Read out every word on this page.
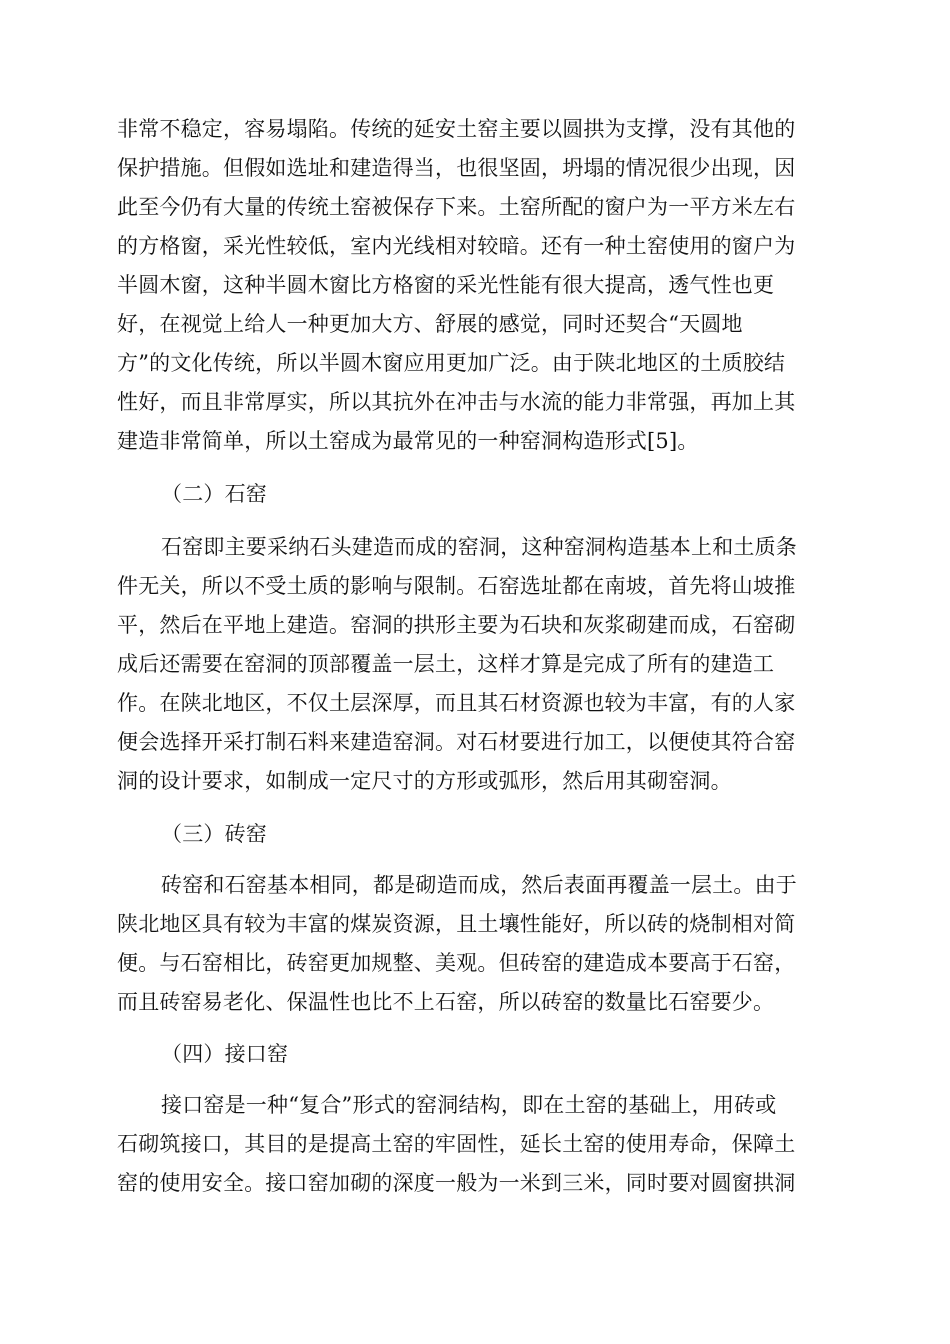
非常不稳定，容易塌陷。传统的延安土窑主要以圆拱为支撑，没有其他的
保护措施。但假如选址和建造得当，也很坚固，坍塌的情况很少出现，因
此至今仍有大量的传统土窑被保存下来。土窑所配的窗户为一平方米左右
的方格窗，采光性较低，室内光线相对较暗。还有一种土窑使用的窗户为
半圆木窗，这种半圆木窗比方格窗的采光性能有很大提高，透气性也更
好，在视觉上给人一种更加大方、舒展的感觉，同时还契合“天圆地
方”的文化传统，所以半圆木窗应用更加广泛。由于陕北地区的土质胶结
性好，而且非常厚实，所以其抗外在冲击与水流的能力非常强，再加上其
建造非常简单，所以土窑成为最常见的一种窑洞构造形式[5]。
（二）石窑
石窑即主要采纳石头建造而成的窑洞，这种窑洞构造基本上和土质条
件无关，所以不受土质的影响与限制。石窑选址都在南坡，首先将山坡推
平，然后在平地上建造。窑洞的拱形主要为石块和灰浆砌建而成，石窑砌
成后还需要在窑洞的顶部覆盖一层土，这样才算是完成了所有的建造工
作。在陕北地区，不仅土层深厚，而且其石材资源也较为丰富，有的人家
便会选择开采打制石料来建造窑洞。对石材要进行加工，以便使其符合窑
洞的设计要求，如制成一定尺寸的方形或弧形，然后用其砌窑洞。
（三）砖窑
砖窑和石窑基本相同，都是砌造而成，然后表面再覆盖一层土。由于
陕北地区具有较为丰富的煤炭资源，且土壤性能好，所以砖的烧制相对简
便。与石窑相比，砖窑更加规整、美观。但砖窑的建造成本要高于石窑，
而且砖窑易老化、保温性也比不上石窑，所以砖窑的数量比石窑要少。
（四）接口窑
接口窑是一种“复合”形式的窑洞结构，即在土窑的基础上，用砖或
石砌筑接口，其目的是提高土窑的牢固性，延长土窑的使用寿命，保障土
窑的使用安全。接口窑加砌的深度一般为一米到三米，同时要对圆窗拱洞
